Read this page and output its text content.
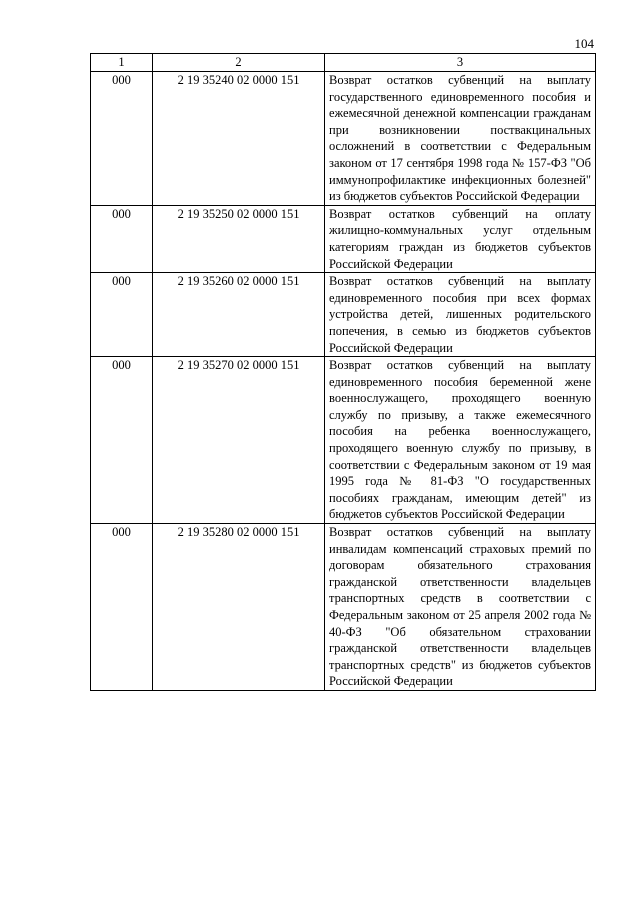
104
1	2	3
000	2 19 35240 02 0000 151	Возврат остатков субвенций на выплату государственного единовременного пособия и ежемесячной денежной компенсации гражданам при возникновении поствакцинальных осложнений в соответствии с Федеральным законом от 17 сентября 1998 года № 157-ФЗ "Об иммунопрофилактике инфекционных болезней" из бюджетов субъектов Российской Федерации
000	2 19 35250 02 0000 151	Возврат остатков субвенций на оплату жилищно-коммунальных услуг отдельным категориям граждан из бюджетов субъектов Российской Федерации
000	2 19 35260 02 0000 151	Возврат остатков субвенций на выплату единовременного пособия при всех формах устройства детей, лишенных родительского попечения, в семью из бюджетов субъектов Российской Федерации
000	2 19 35270 02 0000 151	Возврат остатков субвенций на выплату единовременного пособия беременной жене военнослужащего, проходящего военную службу по призыву, а также ежемесячного пособия на ребенка военнослужащего, проходящего военную службу по призыву, в соответствии с Федеральным законом от 19 мая 1995 года № 81-ФЗ "О государственных пособиях гражданам, имеющим детей" из бюджетов субъектов Российской Федерации
000	2 19 35280 02 0000 151	Возврат остатков субвенций на выплату инвалидам компенсаций страховых премий по договорам обязательного страхования гражданской ответственности владельцев транспортных средств в соответствии с Федеральным законом от 25 апреля 2002 года № 40-ФЗ "Об обязательном страховании гражданской ответственности владельцев транспортных средств" из бюджетов субъектов Российской Федерации
